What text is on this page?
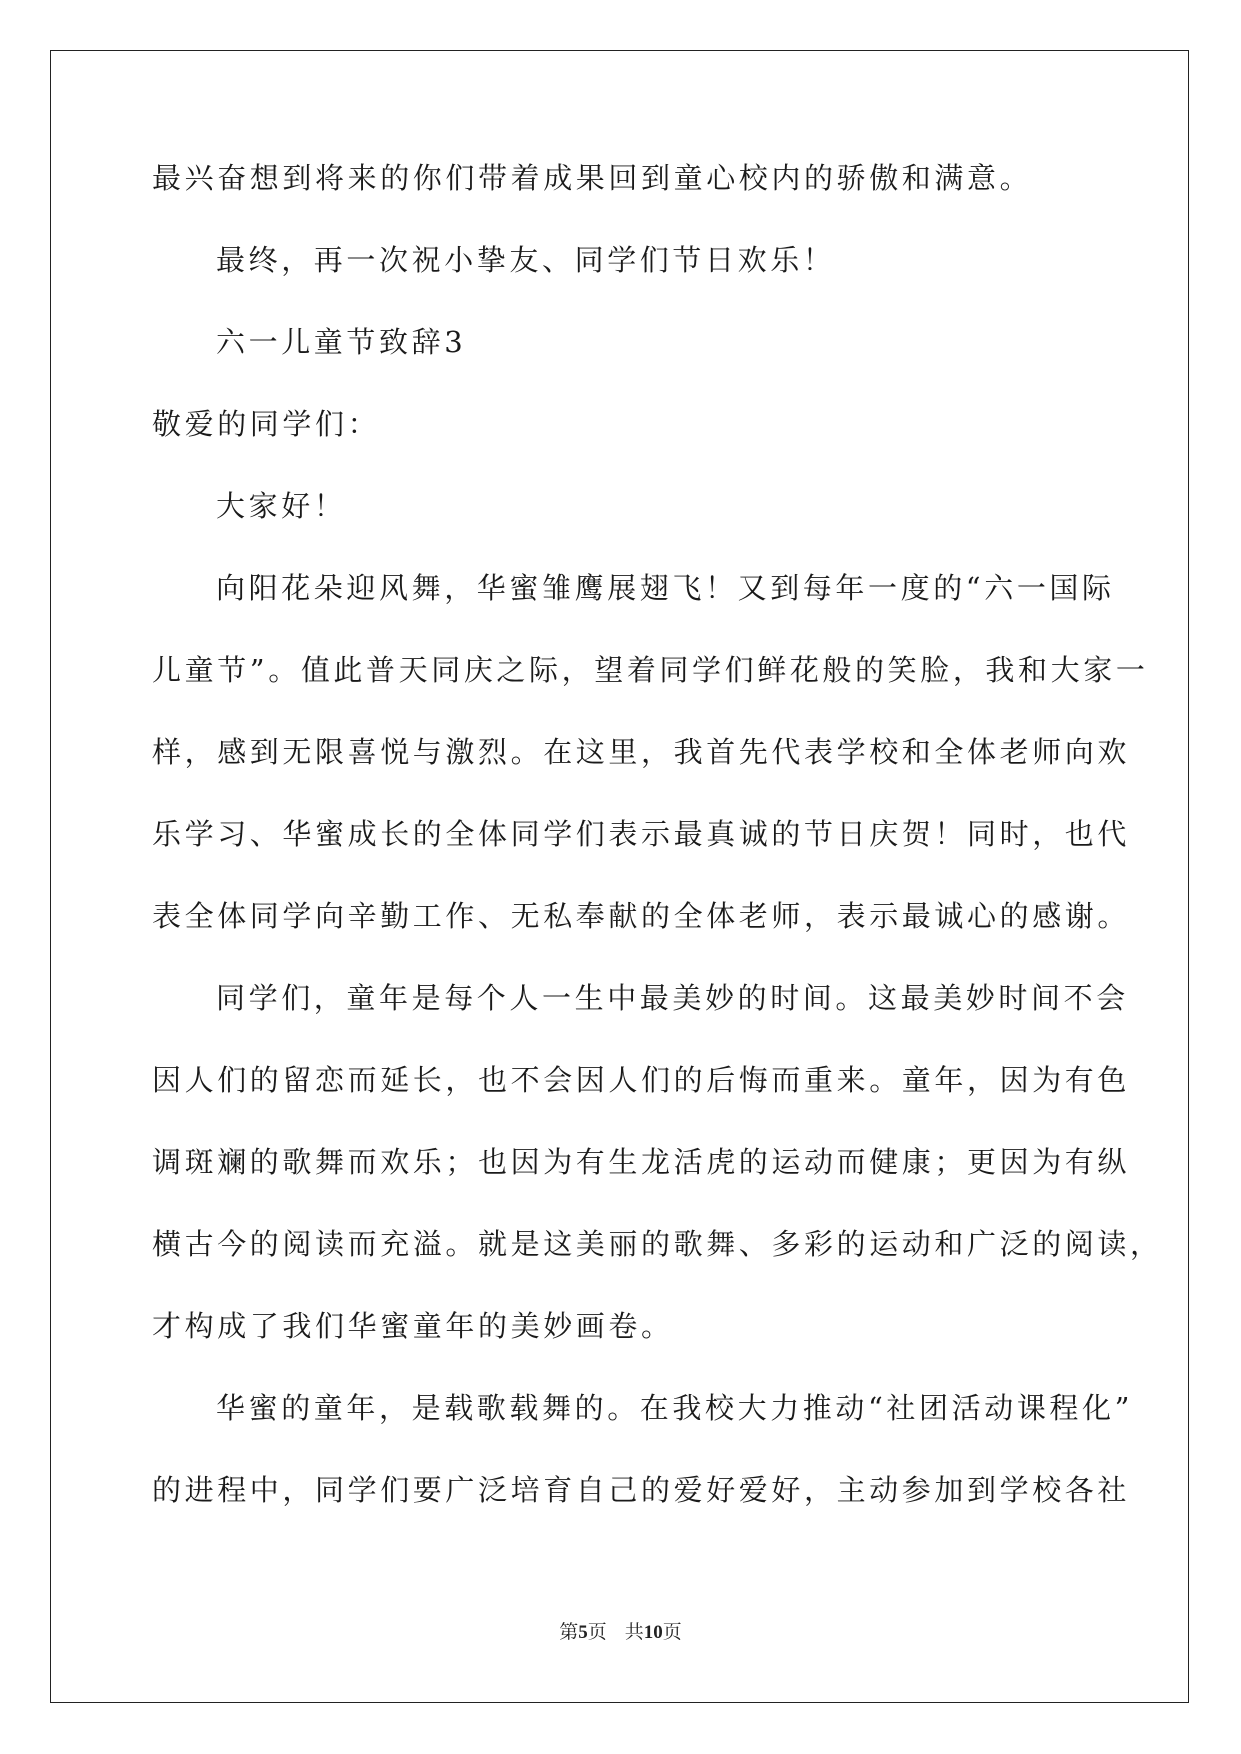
最兴奋想到将来的你们带着成果回到童心校内的骄傲和满意。
最终，再一次祝小挚友、同学们节日欢乐！
六一儿童节致辞3
敬爱的同学们：
大家好！
向阳花朵迎风舞，华蜜雏鹰展翅飞！又到每年一度的“六一国际
儿童节”。值此普天同庆之际，望着同学们鲜花般的笑脸，我和大家一
样，感到无限喜悦与激烈。在这里，我首先代表学校和全体老师向欢
乐学习、华蜜成长的全体同学们表示最真诚的节日庆贺！同时，也代
表全体同学向辛勤工作、无私奉献的全体老师，表示最诚心的感谢。
同学们，童年是每个人一生中最美妙的时间。这最美妙时间不会
因人们的留恋而延长，也不会因人们的后悔而重来。童年，因为有色
调斑斓的歌舞而欢乐；也因为有生龙活虎的运动而健康；更因为有纵
横古今的阅读而充溢。就是这美丽的歌舞、多彩的运动和广泛的阅读，
才构成了我们华蜜童年的美妙画卷。
华蜜的童年，是载歌载舞的。在我校大力推动“社团活动课程化”
的进程中，同学们要广泛培育自己的爱好爱好，主动参加到学校各社
第5页 共10页
